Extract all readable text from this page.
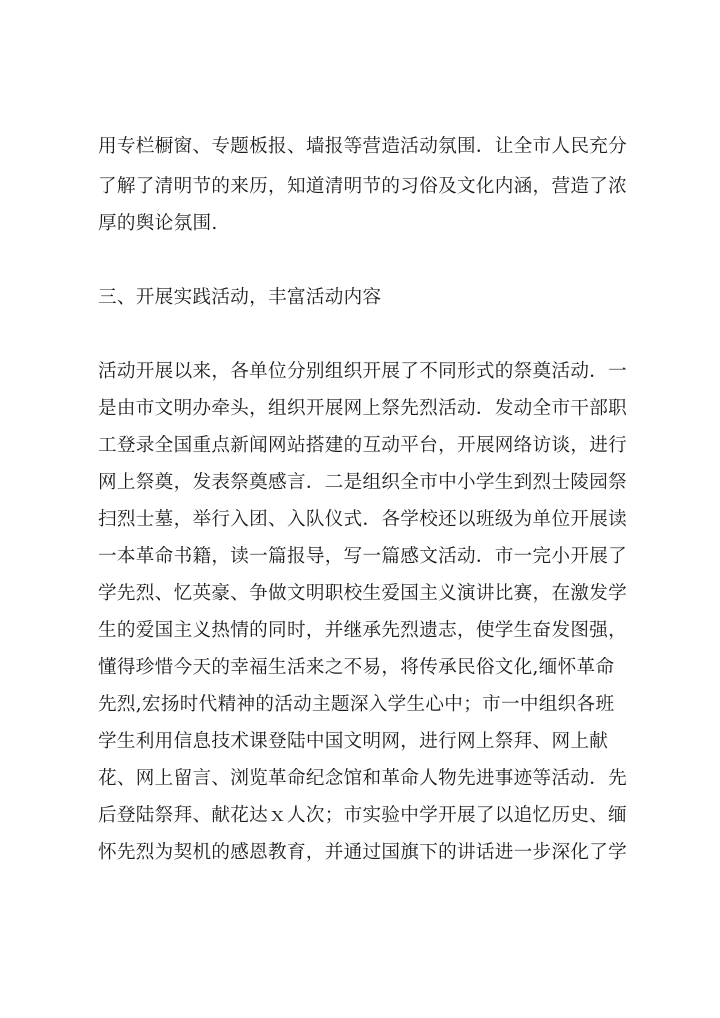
用专栏橱窗、专题板报、墙报等营造活动氛围．让全市人民充分
了解了清明节的来历，知道清明节的习俗及文化内涵，营造了浓
厚的舆论氛围.
三、开展实践活动，丰富活动内容
活动开展以来，各单位分别组织开展了不同形式的祭奠活动．一
是由市文明办牵头，组织开展网上祭先烈活动．发动全市干部职
工登录全国重点新闻网站搭建的互动平台，开展网络访谈，进行
网上祭奠，发表祭奠感言．二是组织全市中小学生到烈士陵园祭
扫烈士墓，举行入团、入队仪式．各学校还以班级为单位开展读
一本革命书籍，读一篇报导，写一篇感文活动．市一完小开展了
学先烈、忆英豪、争做文明职校生爱国主义演讲比赛，在激发学
生的爱国主义热情的同时，并继承先烈遗志，使学生奋发图强，
懂得珍惜今天的幸福生活来之不易，将传承民俗文化,缅怀革命
先烈,宏扬时代精神的活动主题深入学生心中；市一中组织各班
学生利用信息技术课登陆中国文明网，进行网上祭拜、网上献
花、网上留言、浏览革命纪念馆和革命人物先进事迹等活动．先
后登陆祭拜、献花达ｘ人次；市实验中学开展了以追忆历史、缅
怀先烈为契机的感恩教育，并通过国旗下的讲话进一步深化了学
